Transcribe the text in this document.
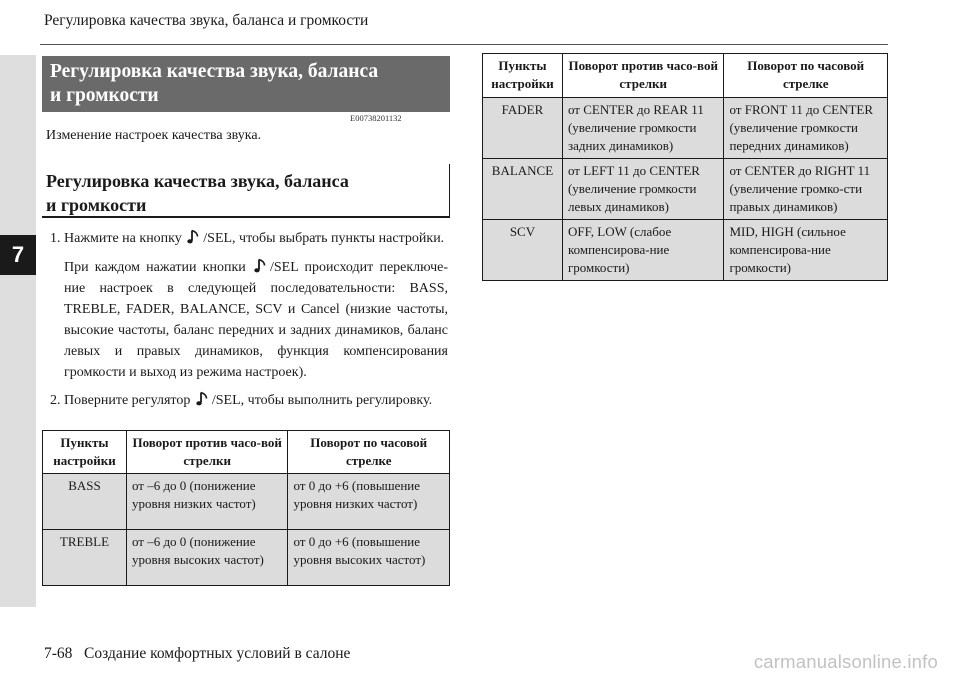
Регулировка качества звука, баланса и громкости
7
Регулировка качества звука, баланса
и громкости
E00738201132
Изменение настроек качества звука.
Регулировка качества звука, баланса
и громкости
1. Нажмите на кнопку /SEL, чтобы выбрать пункты настройки.

При каждом нажатии кнопки /SEL происходит переключе-ние настроек в следующей последовательности: BASS, TREBLE, FADER, BALANCE, SCV и Cancel (низкие частоты, высокие частоты, баланс передних и задних динамиков, баланс левых и правых динамиков, функция компенсирования громкости и выход из режима настроек).

2. Поверните регулятор /SEL, чтобы выполнить регулировку.
Пункты настройки	Поворот против часо-вой стрелки	Поворот по часовой стрелке
BASS	от –6 до 0 (понижение уровня низких частот)	от 0 до +6 (повышение уровня низких частот)
TREBLE	от –6 до 0 (понижение уровня высоких частот)	от 0 до +6 (повышение уровня высоких частот)
Пункты настройки	Поворот против часо-вой стрелки	Поворот по часовой стрелке
FADER	от CENTER до REAR 11 (увеличение громкости задних динамиков)	от FRONT 11 до CENTER (увеличение громкости передних динамиков)
BALANCE	от LEFT 11 до CENTER (увеличение громкости левых динамиков)	от CENTER до RIGHT 11 (увеличение громко-сти правых динамиков)
SCV	OFF, LOW (слабое компенсирова-ние громкости)	MID, HIGH (сильное компенсирова-ние громкости)
7-68 Создание комфортных условий в салоне	carmanualsonline.info
